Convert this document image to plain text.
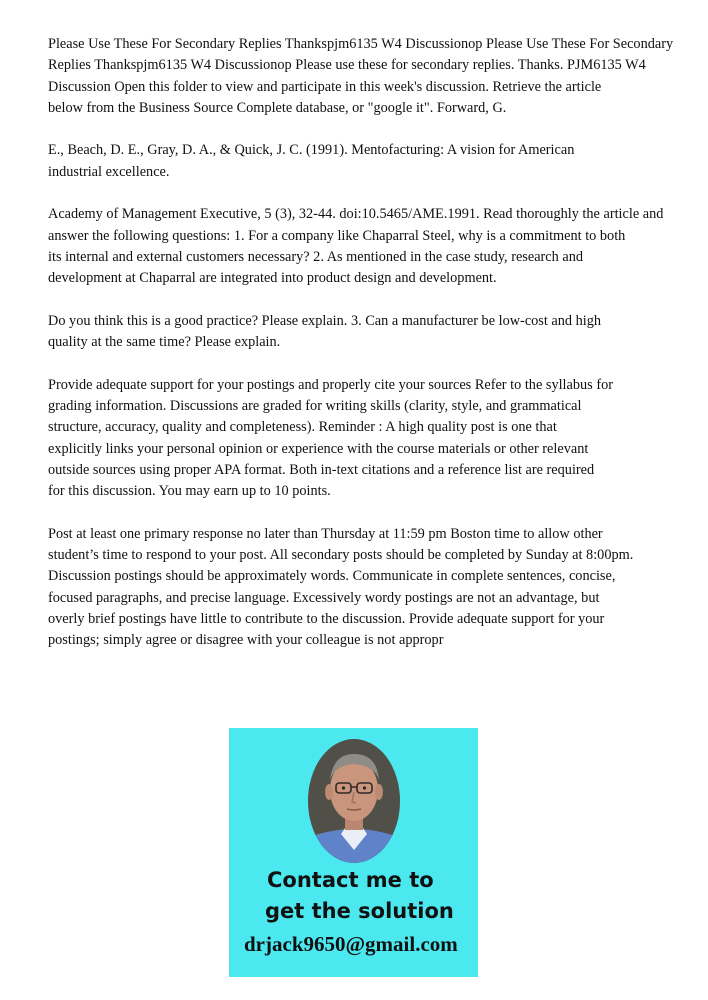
Please Use These For Secondary Replies Thankspjm6135 W4 Discussionop Please Use These For Secondary
Replies Thankspjm6135 W4 Discussionop Please use these for secondary replies. Thanks. PJM6135 W4
Discussion Open this folder to view and participate in this week's discussion. Retrieve the article
below from the Business Source Complete database, or "google it". Forward, G.
E., Beach, D. E., Gray, D. A., & Quick, J. C. (1991). Mentofacturing: A vision for American
industrial excellence.
Academy of Management Executive, 5 (3), 32-44. doi:10.5465/AME.1991. Read thoroughly the article and
answer the following questions: 1. For a company like Chaparral Steel, why is a commitment to both
its internal and external customers necessary? 2. As mentioned in the case study, research and
development at Chaparral are integrated into product design and development.
Do you think this is a good practice? Please explain. 3. Can a manufacturer be low-cost and high
quality at the same time? Please explain.
Provide adequate support for your postings and properly cite your sources Refer to the syllabus for
grading information. Discussions are graded for writing skills (clarity, style, and grammatical
structure, accuracy, quality and completeness). Reminder : A high quality post is one that
explicitly links your personal opinion or experience with the course materials or other relevant
outside sources using proper APA format. Both in-text citations and a reference list are required
for this discussion. You may earn up to 10 points.
Post at least one primary response no later than Thursday at 11:59 pm Boston time to allow other
student’s time to respond to your post. All secondary posts should be completed by Sunday at 8:00pm.
Discussion postings should be approximately words. Communicate in complete sentences, concise,
focused paragraphs, and precise language. Excessively wordy postings are not an advantage, but
overly brief postings have little to contribute to the discussion. Provide adequate support for your
postings; simply agree or disagree with your colleague is not appropr
Contact me to
get the solution
drjack9650@gmail.com
